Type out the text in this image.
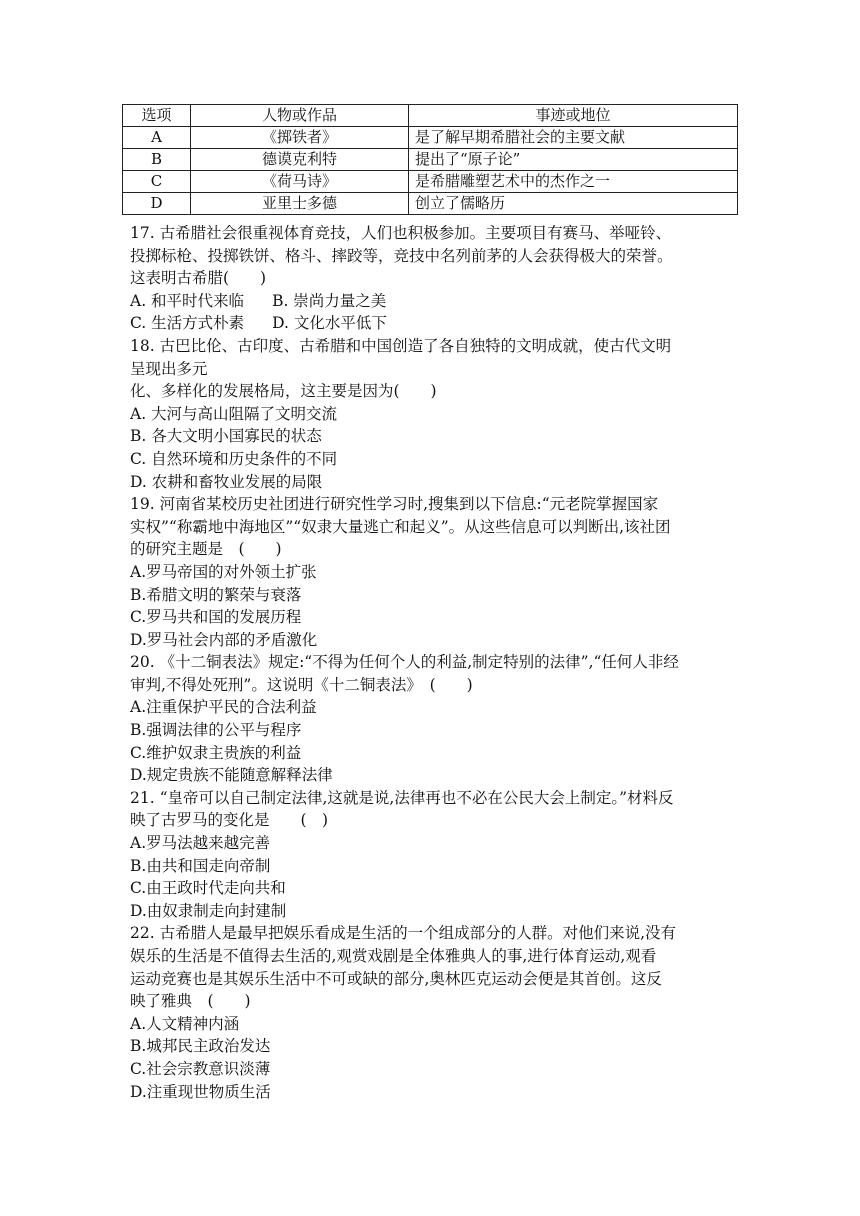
选项	人物或作品	事迹或地位
A	《掷铁者》	是了解早期希腊社会的主要文献
B	德谟克利特	提出了“原子论”
C	《荷马诗》	是希腊雕塑艺术中的杰作之一
D	亚里士多德	创立了儒略历
17. 古希腊社会很重视体育竞技，人们也积极参加。主要项目有赛马、举哑铃、
投掷标枪、投掷铁饼、格斗、摔跤等，竞技中名列前茅的人会获得极大的荣誉。
这表明古希腊(　　)
A. 和平时代来临 B. 崇尚力量之美
C. 生活方式朴素 D. 文化水平低下
18. 古巴比伦、古印度、古希腊和中国创造了各自独特的文明成就，使古代文明
呈现出多元
化、多样化的发展格局，这主要是因为(　　)
A. 大河与高山阻隔了文明交流
B. 各大文明小国寡民的状态
C. 自然环境和历史条件的不同
D. 农耕和畜牧业发展的局限
19. 河南省某校历史社团进行研究性学习时,搜集到以下信息:“元老院掌握国家
实权”“称霸地中海地区”“奴隶大量逃亡和起义”。从这些信息可以判断出,该社团
的研究主题是　(　　)
A.罗马帝国的对外领土扩张
B.希腊文明的繁荣与衰落
C.罗马共和国的发展历程
D.罗马社会内部的矛盾激化
20. 《十二铜表法》规定:“不得为任何个人的利益,制定特别的法律”,“任何人非经
审判,不得处死刑”。这说明《十二铜表法》　(　　)
A.注重保护平民的合法利益
B.强调法律的公平与程序
C.维护奴隶主贵族的利益
D.规定贵族不能随意解释法律
21. “皇帝可以自己制定法律,这就是说,法律再也不必在公民大会上制定。”材料反
映了古罗马的变化是　　(　)
A.罗马法越来越完善
B.由共和国走向帝制
C.由王政时代走向共和
D.由奴隶制走向封建制
22. 古希腊人是最早把娱乐看成是生活的一个组成部分的人群。对他们来说,没有
娱乐的生活是不值得去生活的,观赏戏剧是全体雅典人的事,进行体育运动,观看
运动竞赛也是其娱乐生活中不可或缺的部分,奥林匹克运动会便是其首创。这反
映了雅典　(　　)
A.人文精神内涵
B.城邦民主政治发达
C.社会宗教意识淡薄
D.注重现世物质生活
